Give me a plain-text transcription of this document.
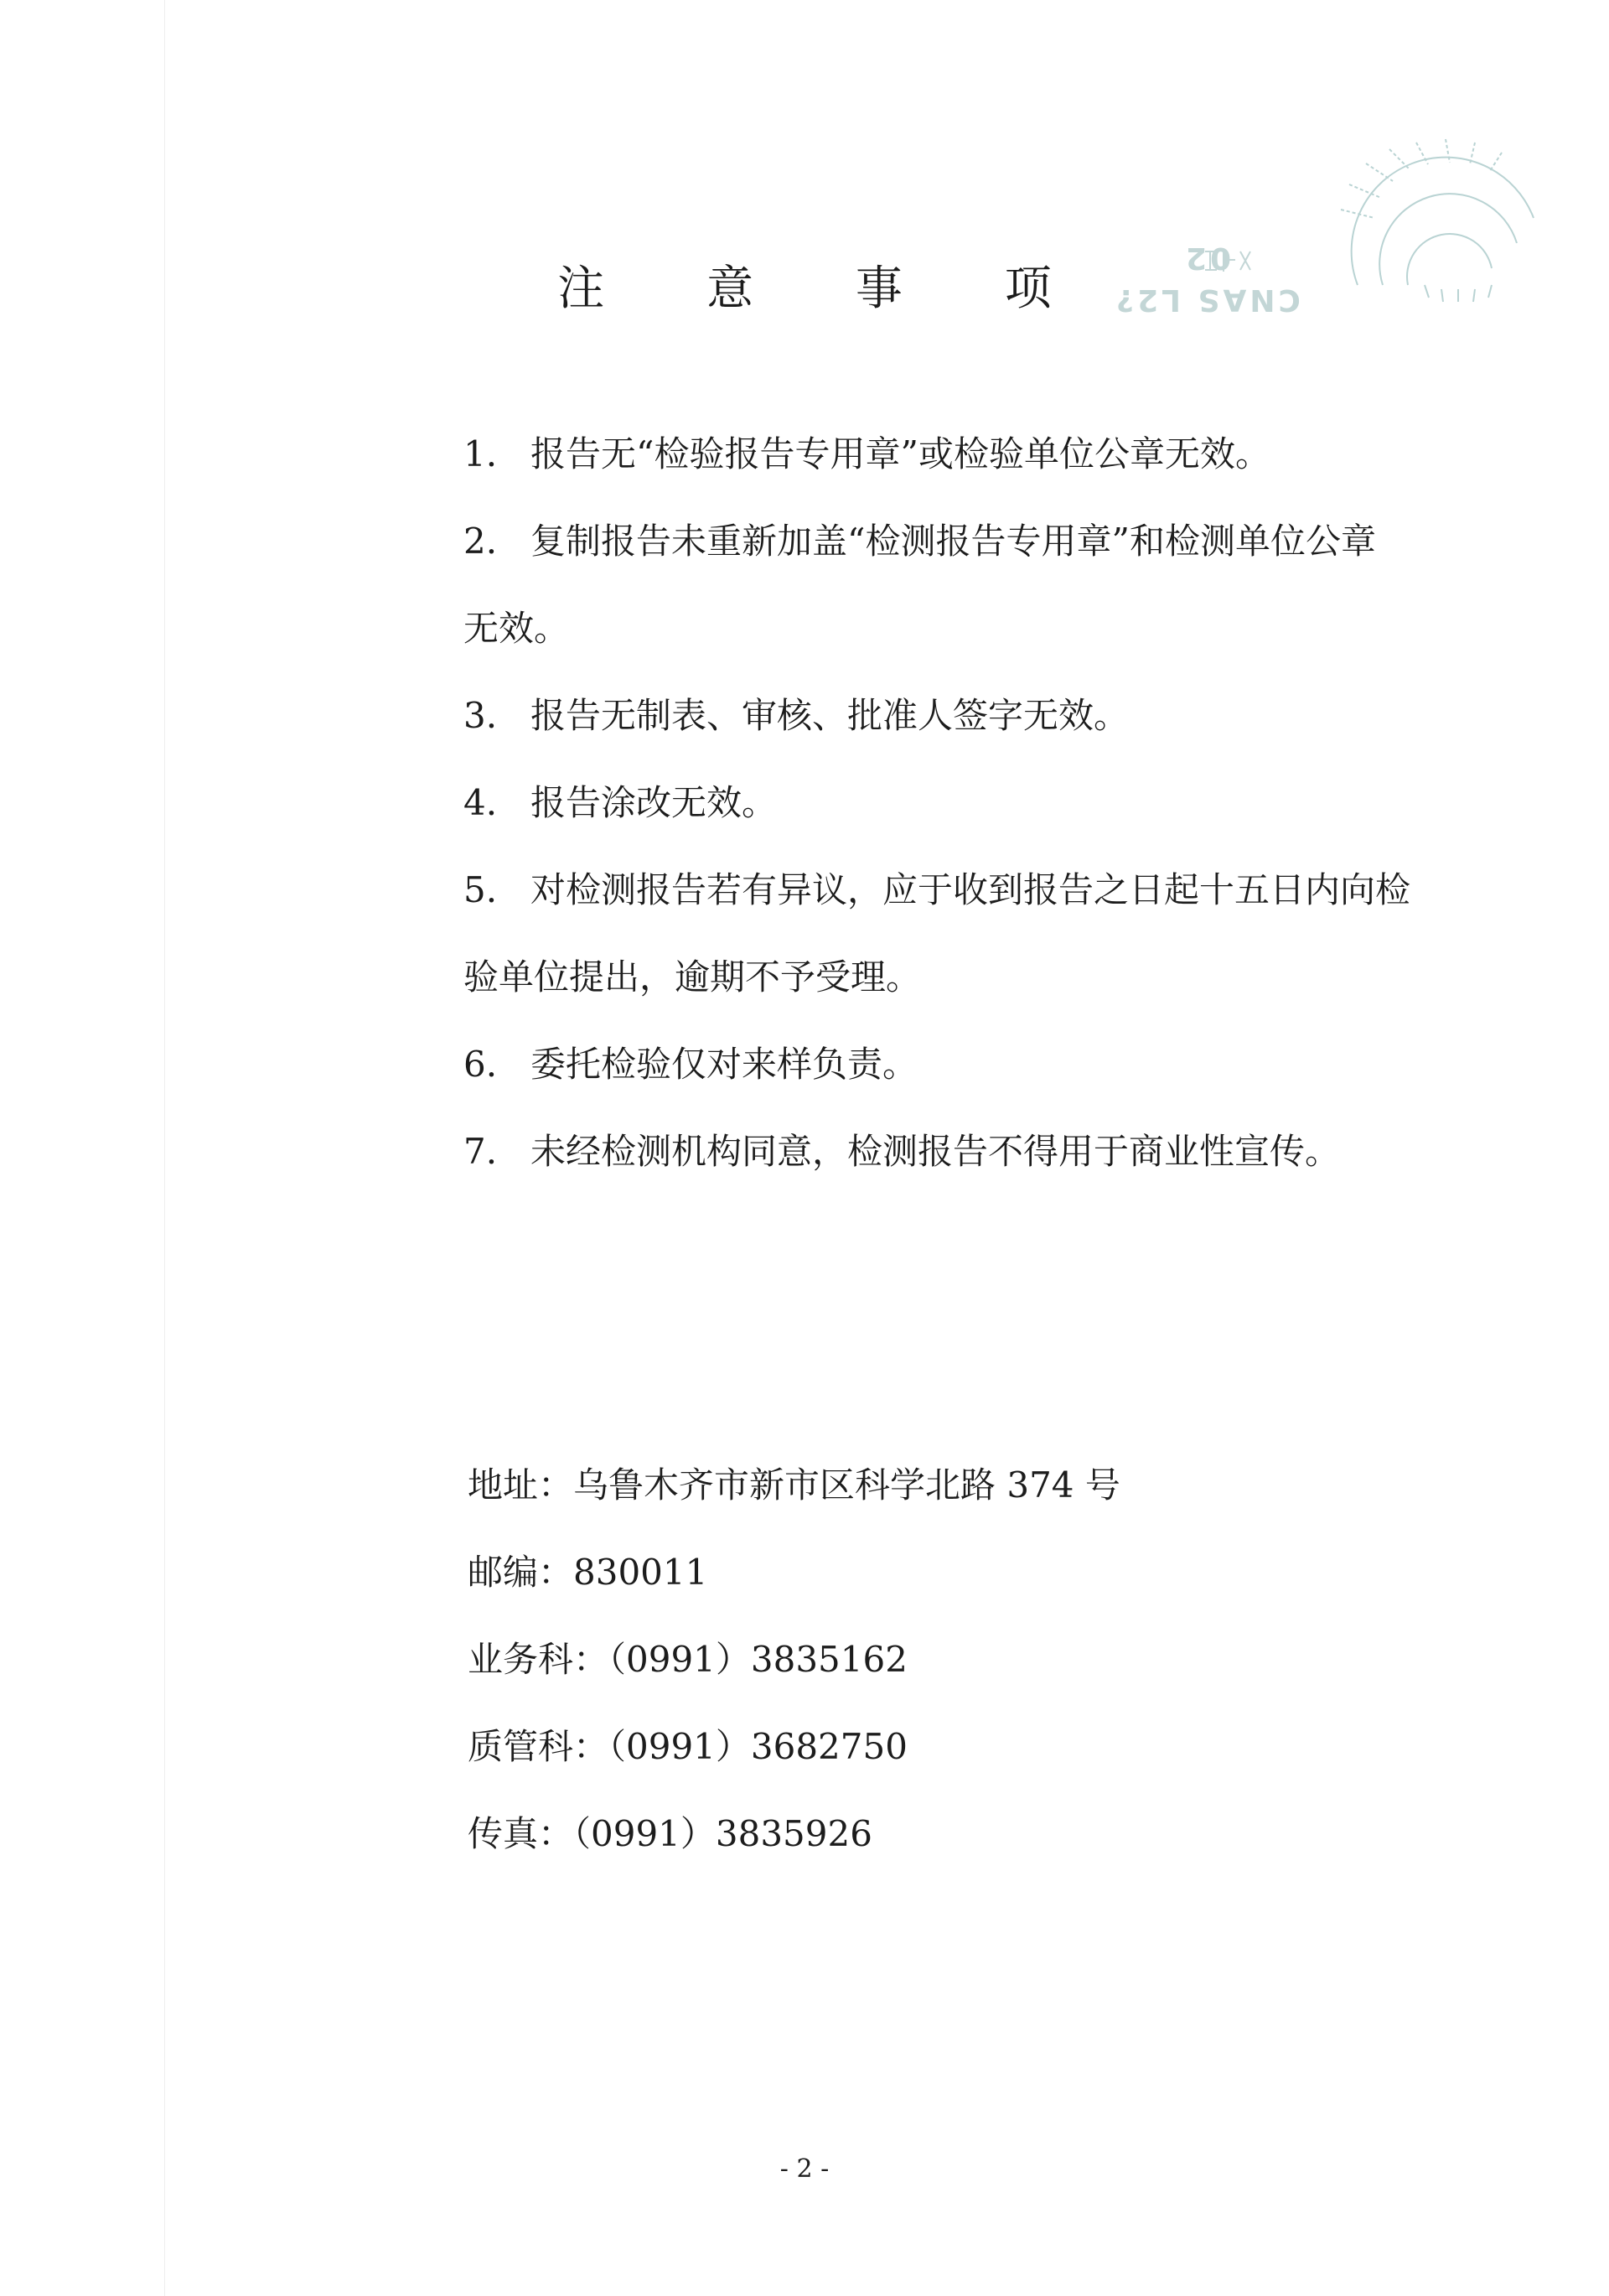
CNAS L2?02
注 意 事 项
1. 报告无“检验报告专用章”或检验单位公章无效。
2. 复制报告未重新加盖“检测报告专用章”和检测单位公章
无效。
3. 报告无制表、审核、批准人签字无效。
4. 报告涂改无效。
5. 对检测报告若有异议，应于收到报告之日起十五日内向检
验单位提出，逾期不予受理。
6. 委托检验仅对来样负责。
7. 未经检测机构同意，检测报告不得用于商业性宣传。
地址：乌鲁木齐市新市区科学北路 374 号
邮编：830011
业务科：（0991）3835162
质管科：（0991）3682750
传真：（0991）3835926
- 2 -
